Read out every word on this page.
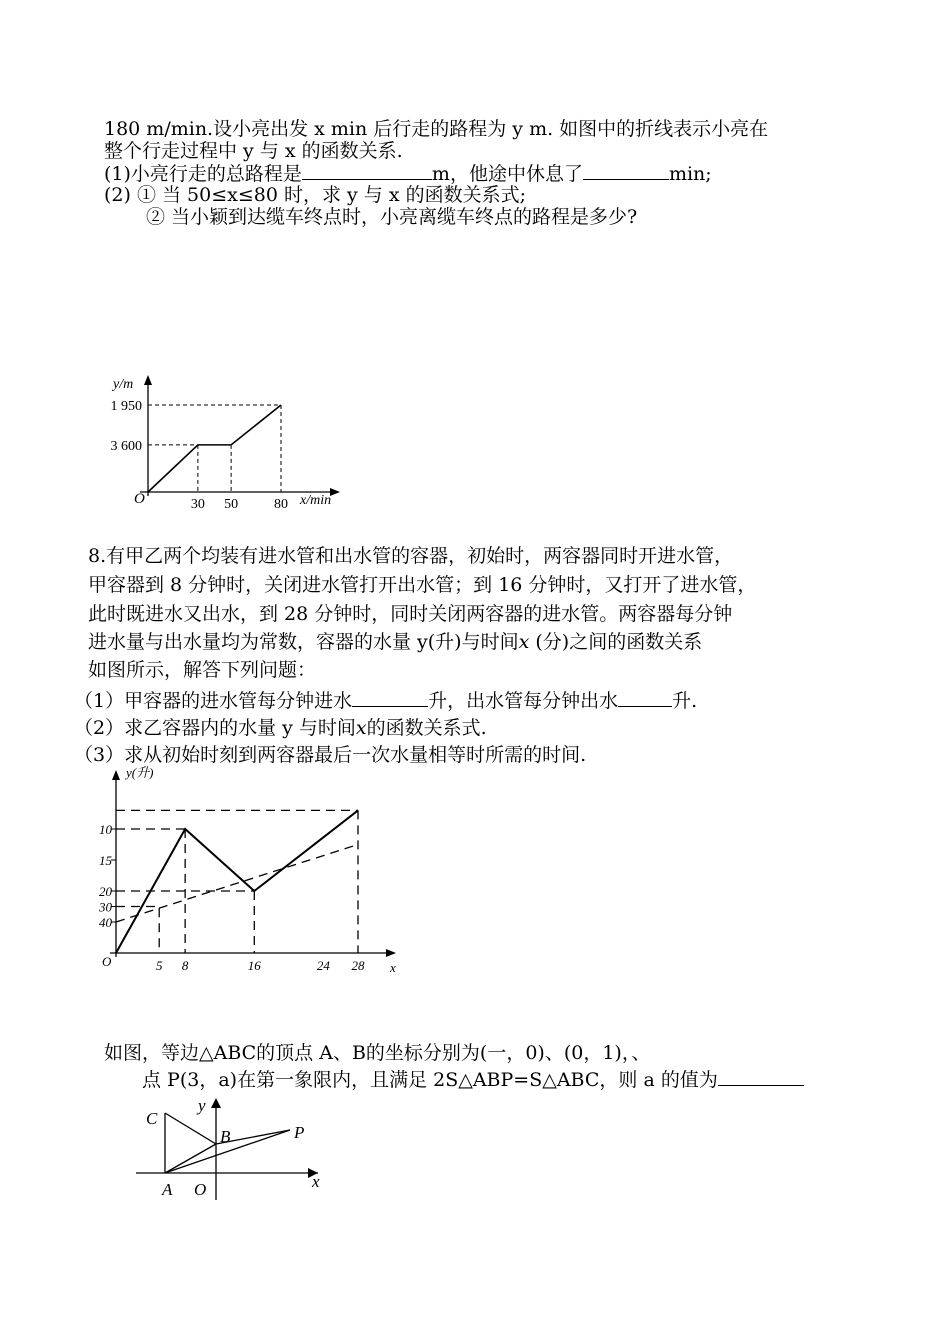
180 m/min.设小亮出发 x min 后行走的路程为 y m. 如图中的折线表示小亮在
整个行走过程中 y 与 x 的函数关系.
(1)小亮行走的总路程是	m，他途中休息了	min;
(2) ① 当 50≤x≤80 时，求 y 与 x 的函数关系式;
② 当小颖到达缆车终点时，小亮离缆车终点的路程是多少?
3 600
1 950
30 50	80
y/m
x/min
O
8.有甲乙两个均装有进水管和出水管的容器，初始时，两容器同时开进水管，
甲容器到 8 分钟时，关闭进水管打开出水管；到 16 分钟时，又打开了进水管，
此时既进水又出水，到 28 分钟时，同时关闭两容器的进水管。两容器每分钟
进水量与出水量均为常数，容器的水量 y(升)与时间x (分)之间的函数关系
如图所示，解答下列问题：
（1）甲容器的进水管每分钟进水	升，出水管每分钟出水	升.
（2）求乙容器内的水量 y 与时间x的函数关系式.
（3）求从初始时刻到两容器最后一次水量相等时所需的时间.
40
30
20
15
10
5 8	16	24 28
y(升)
x
O
如图，等边△ABC的顶点 A、B的坐标分别为(一，0)、(0，1)，、
点 P(3，a)在第一象限内，且满足 2S△ABP=S△ABC，则 a 的值为
C
B	P
A O	x
y
